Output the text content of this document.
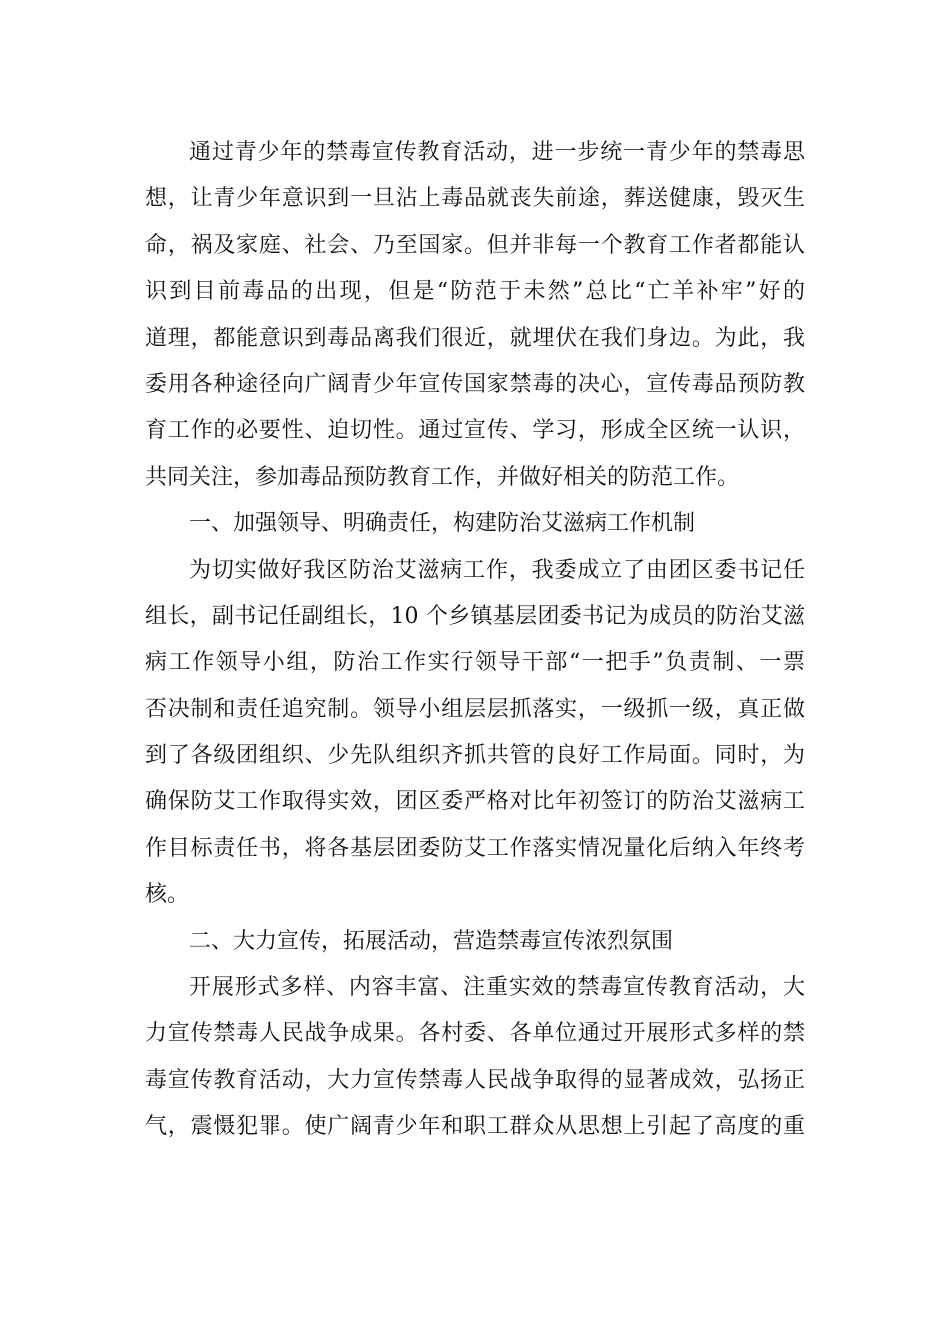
通过青少年的禁毒宣传教育活动，进一步统一青少年的禁毒思
想，让青少年意识到一旦沾上毒品就丧失前途，葬送健康，毁灭生
命，祸及家庭、社会、乃至国家。但并非每一个教育工作者都能认
识到目前毒品的出现，但是“防范于未然”总比“亡羊补牢”好的
道理，都能意识到毒品离我们很近，就埋伏在我们身边。为此，我
委用各种途径向广阔青少年宣传国家禁毒的决心，宣传毒品预防教
育工作的必要性、迫切性。通过宣传、学习，形成全区统一认识，
共同关注，参加毒品预防教育工作，并做好相关的防范工作。
一、加强领导、明确责任，构建防治艾滋病工作机制
为切实做好我区防治艾滋病工作，我委成立了由团区委书记任
组长，副书记任副组长，10 个乡镇基层团委书记为成员的防治艾滋
病工作领导小组，防治工作实行领导干部“一把手”负责制、一票
否决制和责任追究制。领导小组层层抓落实，一级抓一级，真正做
到了各级团组织、少先队组织齐抓共管的良好工作局面。同时，为
确保防艾工作取得实效，团区委严格对比年初签订的防治艾滋病工
作目标责任书，将各基层团委防艾工作落实情况量化后纳入年终考
核。
二、大力宣传，拓展活动，营造禁毒宣传浓烈氛围
开展形式多样、内容丰富、注重实效的禁毒宣传教育活动，大
力宣传禁毒人民战争成果。各村委、各单位通过开展形式多样的禁
毒宣传教育活动，大力宣传禁毒人民战争取得的显著成效，弘扬正
气，震慑犯罪。使广阔青少年和职工群众从思想上引起了高度的重
